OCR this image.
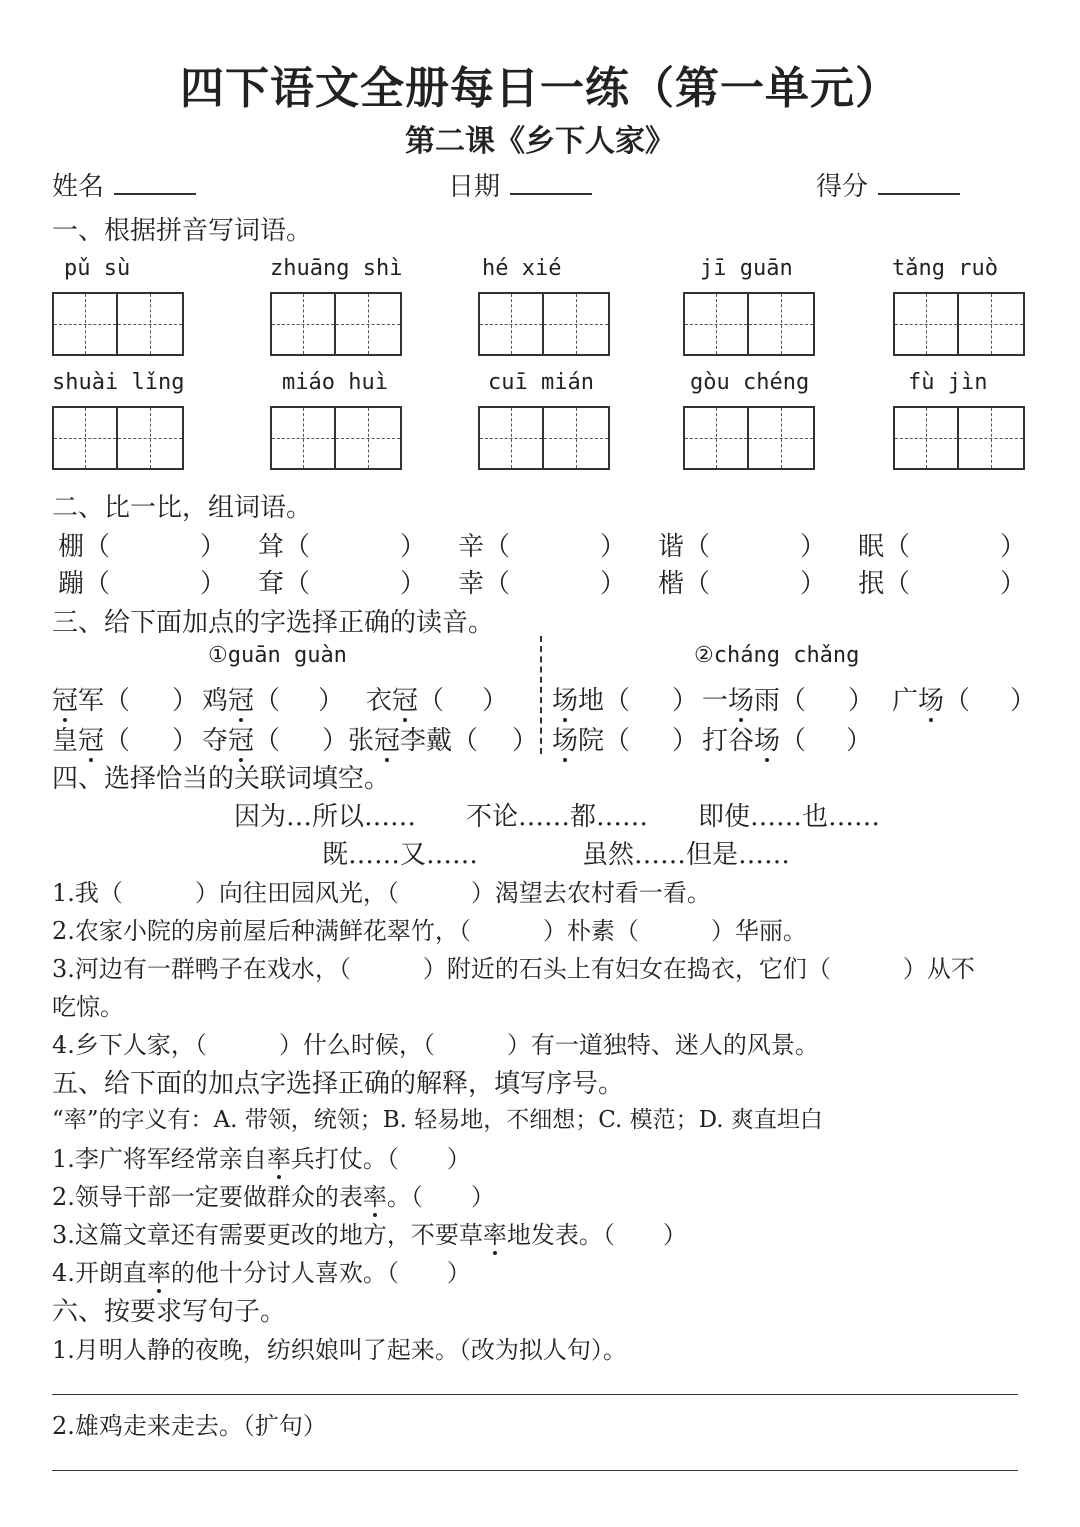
四下语文全册每日一练（第一单元）
第二课《乡下人家》
姓名	日期	得分
一、根据拼音写词语。
pǔ sù	zhuāng shì	hé xié	jī guān	tǎng ruò
shuài lǐng	miáo huì	cuī mián	gòu chéng	fù jìn
二、比一比，组词语。
棚（	） 耸（	） 辛（	） 谐（	） 眠（	）
蹦（	） 耷（	） 幸（	） 楷（	） 抿（	）
三、给下面加点的字选择正确的读音。
①guān guàn	②cháng chǎng
冠军（ ） 鸡冠（ ） 衣冠（ ）
皇冠（ ） 夺冠（ ）张冠李戴（ ）
场地（ ） 一场雨（ ） 广场（ ）
场院（ ） 打谷场（ ）
四、选择恰当的关联词填空。
因为…所以…… 不论……都…… 即使……也……
既……又……	虽然……但是……
1.我（　　　）向往田园风光，（　　　）渴望去农村看一看。
2.农家小院的房前屋后种满鲜花翠竹，（　　　）朴素（　　　）华丽。
3.河边有一群鸭子在戏水，（　　　）附近的石头上有妇女在捣衣，它们（　　　）从不
吃惊。
4.乡下人家，（　　　）什么时候，（　　　）有一道独特、迷人的风景。
五、给下面的加点字选择正确的解释，填写序号。
“率”的字义有：A. 带领，统领；B. 轻易地，不细想；C. 模范；D. 爽直坦白
1.李广将军经常亲自率兵打仗。（　　）
2.领导干部一定要做群众的表率。（　　）
3.这篇文章还有需要更改的地方，不要草率地发表。（　　）
4.开朗直率的他十分讨人喜欢。（　　）
六、按要求写句子。
1.月明人静的夜晚，纺织娘叫了起来。（改为拟人句）。
2.雄鸡走来走去。（扩句）
